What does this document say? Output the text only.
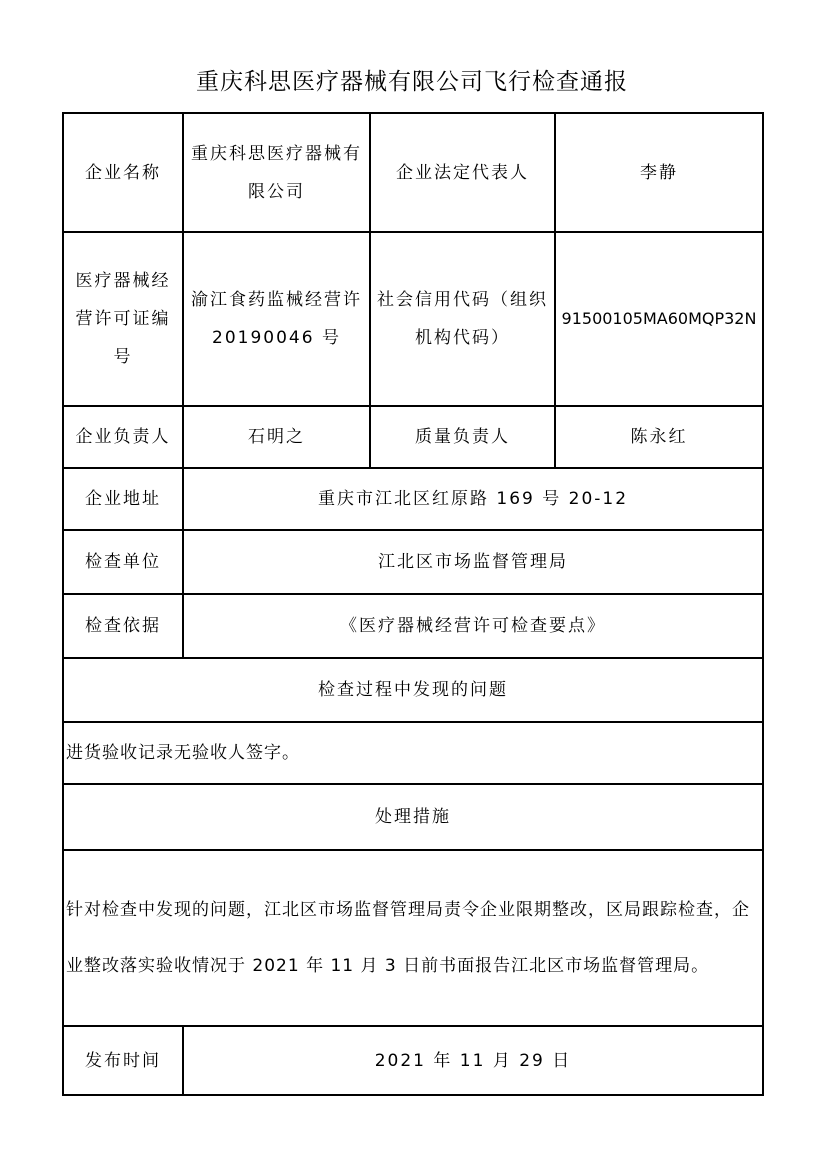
重庆科思医疗器械有限公司飞行检查通报
企业名称	重庆科思医疗器械有限公司	企业法定代表人	李静
医疗器械经营许可证编号	渝江食药监械经营许 20190046 号	社会信用代码（组织机构代码）	91500105MA60MQP32N
企业负责人	石明之	质量负责人	陈永红
企业地址	重庆市江北区红原路 169 号 20-12		
检查单位	江北区市场监督管理局		
检查依据	《医疗器械经营许可检查要点》		
检查过程中发现的问题			
进货验收记录无验收人签字。			
处理措施			
针对检查中发现的问题，江北区市场监督管理局责令企业限期整改，区局跟踪检查，企业整改落实验收情况于 2021 年 11 月 3 日前书面报告江北区市场监督管理局。			
发布时间	2021 年 11 月 29 日		
